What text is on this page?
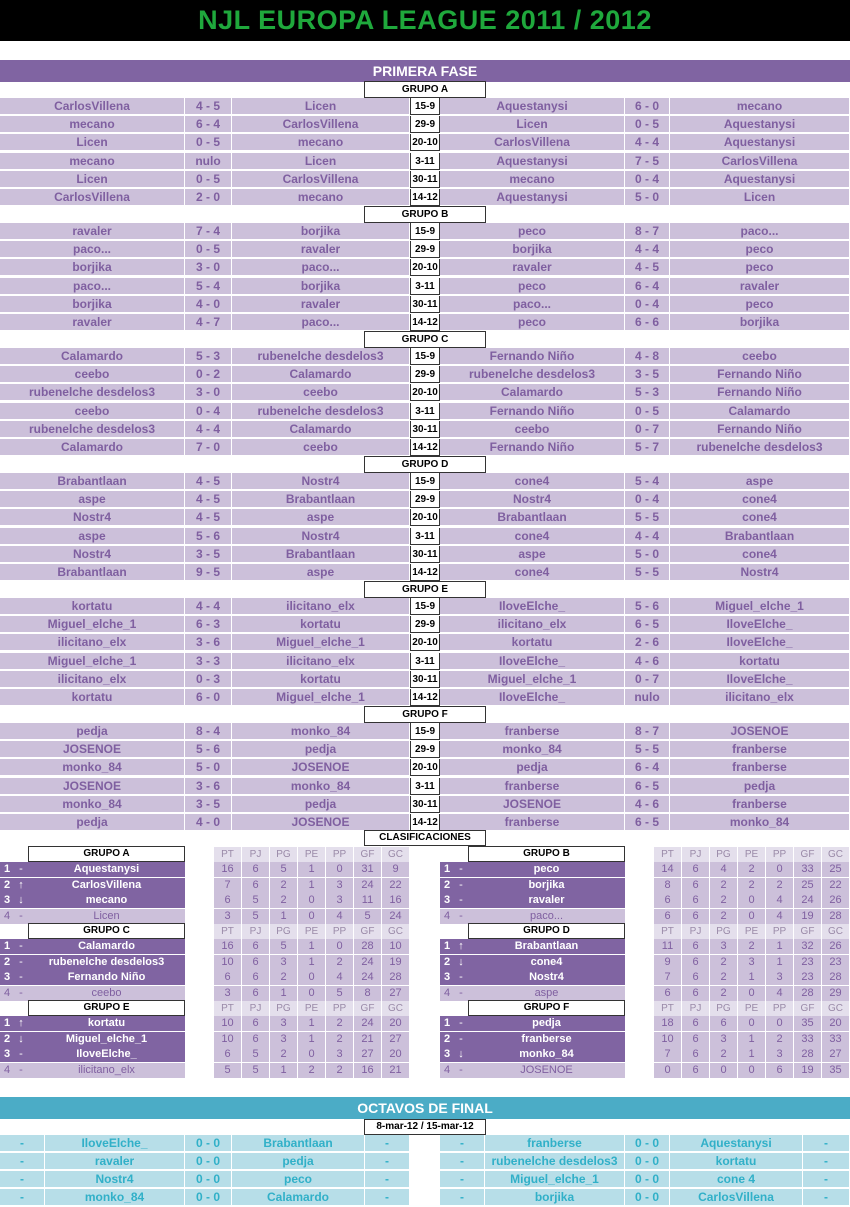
NJL EUROPA LEAGUE 2011 / 2012
PRIMERA FASE
GRUPO A
CarlosVillena	4 - 5	Licen	15-9	Aquestanysi	6 - 0	mecano
mecano	6 - 4	CarlosVillena	29-9	Licen	0 - 5	Aquestanysi
Licen	0 - 5	mecano	20-10	CarlosVillena	4 - 4	Aquestanysi
mecano	nulo	Licen	3-11	Aquestanysi	7 - 5	CarlosVillena
Licen	0 - 5	CarlosVillena	30-11	mecano	0 - 4	Aquestanysi
CarlosVillena	2 - 0	mecano	14-12	Aquestanysi	5 - 0	Licen
GRUPO B
ravaler	7 - 4	borjika	15-9	peco	8 - 7	paco...
paco...	0 - 5	ravaler	29-9	borjika	4 - 4	peco
borjika	3 - 0	paco...	20-10	ravaler	4 - 5	peco
paco...	5 - 4	borjika	3-11	peco	6 - 4	ravaler
borjika	4 - 0	ravaler	30-11	paco...	0 - 4	peco
ravaler	4 - 7	paco...	14-12	peco	6 - 6	borjika
GRUPO C
Calamardo	5 - 3	rubenelche desdelos3	15-9	Fernando Niño	4 - 8	ceebo
ceebo	0 - 2	Calamardo	29-9	rubenelche desdelos3	3 - 5	Fernando Niño
rubenelche desdelos3	3 - 0	ceebo	20-10	Calamardo	5 - 3	Fernando Niño
ceebo	0 - 4	rubenelche desdelos3	3-11	Fernando Niño	0 - 5	Calamardo
rubenelche desdelos3	4 - 4	Calamardo	30-11	ceebo	0 - 7	Fernando Niño
Calamardo	7 - 0	ceebo	14-12	Fernando Niño	5 - 7	rubenelche desdelos3
GRUPO D
Brabantlaan	4 - 5	Nostr4	15-9	cone4	5 - 4	aspe
aspe	4 - 5	Brabantlaan	29-9	Nostr4	0 - 4	cone4
Nostr4	4 - 5	aspe	20-10	Brabantlaan	5 - 5	cone4
aspe	5 - 6	Nostr4	3-11	cone4	4 - 4	Brabantlaan
Nostr4	3 - 5	Brabantlaan	30-11	aspe	5 - 0	cone4
Brabantlaan	9 - 5	aspe	14-12	cone4	5 - 5	Nostr4
GRUPO E
kortatu	4 - 4	ilicitano_elx	15-9	IloveElche_	5 - 6	Miguel_elche_1
Miguel_elche_1	6 - 3	kortatu	29-9	ilicitano_elx	6 - 5	IloveElche_
ilicitano_elx	3 - 6	Miguel_elche_1	20-10	kortatu	2 - 6	IloveElche_
Miguel_elche_1	3 - 3	ilicitano_elx	3-11	IloveElche_	4 - 6	kortatu
ilicitano_elx	0 - 3	kortatu	30-11	Miguel_elche_1	0 - 7	IloveElche_
kortatu	6 - 0	Miguel_elche_1	14-12	IloveElche_	nulo	ilicitano_elx
GRUPO F
pedja	8 - 4	monko_84	15-9	franberse	8 - 7	JOSENOE
JOSENOE	5 - 6	pedja	29-9	monko_84	5 - 5	franberse
monko_84	5 - 0	JOSENOE	20-10	pedja	6 - 4	franberse
JOSENOE	3 - 6	monko_84	3-11	franberse	6 - 5	pedja
monko_84	3 - 5	pedja	30-11	JOSENOE	4 - 6	franberse
pedja	4 - 0	JOSENOE	14-12	franberse	6 - 5	monko_84
CLASIFICACIONES
GRUPO A	PT	PJ	PG	PE	PP	GF	GC
1 -	Aquestanysi	16	6	5	1	0	31	9
2 ↑	CarlosVillena	7	6	2	1	3	24	22
3 ↓	mecano	6	5	2	0	3	11	16
4 -	Licen	3	5	1	0	4	5	24
GRUPO B	PT	PJ	PG	PE	PP	GF	GC
1 -	peco	14	6	4	2	0	33	25
2 -	borjika	8	6	2	2	2	25	22
3 -	ravaler	6	6	2	0	4	24	26
4 -	paco...	6	6	2	0	4	19	28
GRUPO C	PT	PJ	PG	PE	PP	GF	GC
1 -	Calamardo	16	6	5	1	0	28	10
2 -	rubenelche desdelos3	10	6	3	1	2	24	19
3 -	Fernando Niño	6	6	2	0	4	24	28
4 -	ceebo	3	6	1	0	5	8	27
GRUPO D	PT	PJ	PG	PE	PP	GF	GC
1 ↑	Brabantlaan	11	6	3	2	1	32	26
2 ↓	cone4	9	6	2	3	1	23	23
3 -	Nostr4	7	6	2	1	3	23	28
4 -	aspe	6	6	2	0	4	28	29
GRUPO E	PT	PJ	PG	PE	PP	GF	GC
1 ↑	kortatu	10	6	3	1	2	24	20
2 ↓	Miguel_elche_1	10	6	3	1	2	21	27
3 -	IloveElche_	6	5	2	0	3	27	20
4 -	ilicitano_elx	5	5	1	2	2	16	21
GRUPO F	PT	PJ	PG	PE	PP	GF	GC
1 -	pedja	18	6	6	0	0	35	20
2 -	franberse	10	6	3	1	2	33	33
3 ↓	monko_84	7	6	2	1	3	28	27
4 -	JOSENOE	0	6	0	0	6	19	35
OCTAVOS DE FINAL
8-mar-12 / 15-mar-12
-	IloveElche_	0 - 0	Brabantlaan	-	-	franberse	0 - 0	Aquestanysi	-
-	ravaler	0 - 0	pedja	-	-	rubenelche desdelos3	0 - 0	kortatu	-
-	Nostr4	0 - 0	peco	-	-	Miguel_elche_1	0 - 0	cone 4	-
-	monko_84	0 - 0	Calamardo	-	-	borjika	0 - 0	CarlosVillena	-
